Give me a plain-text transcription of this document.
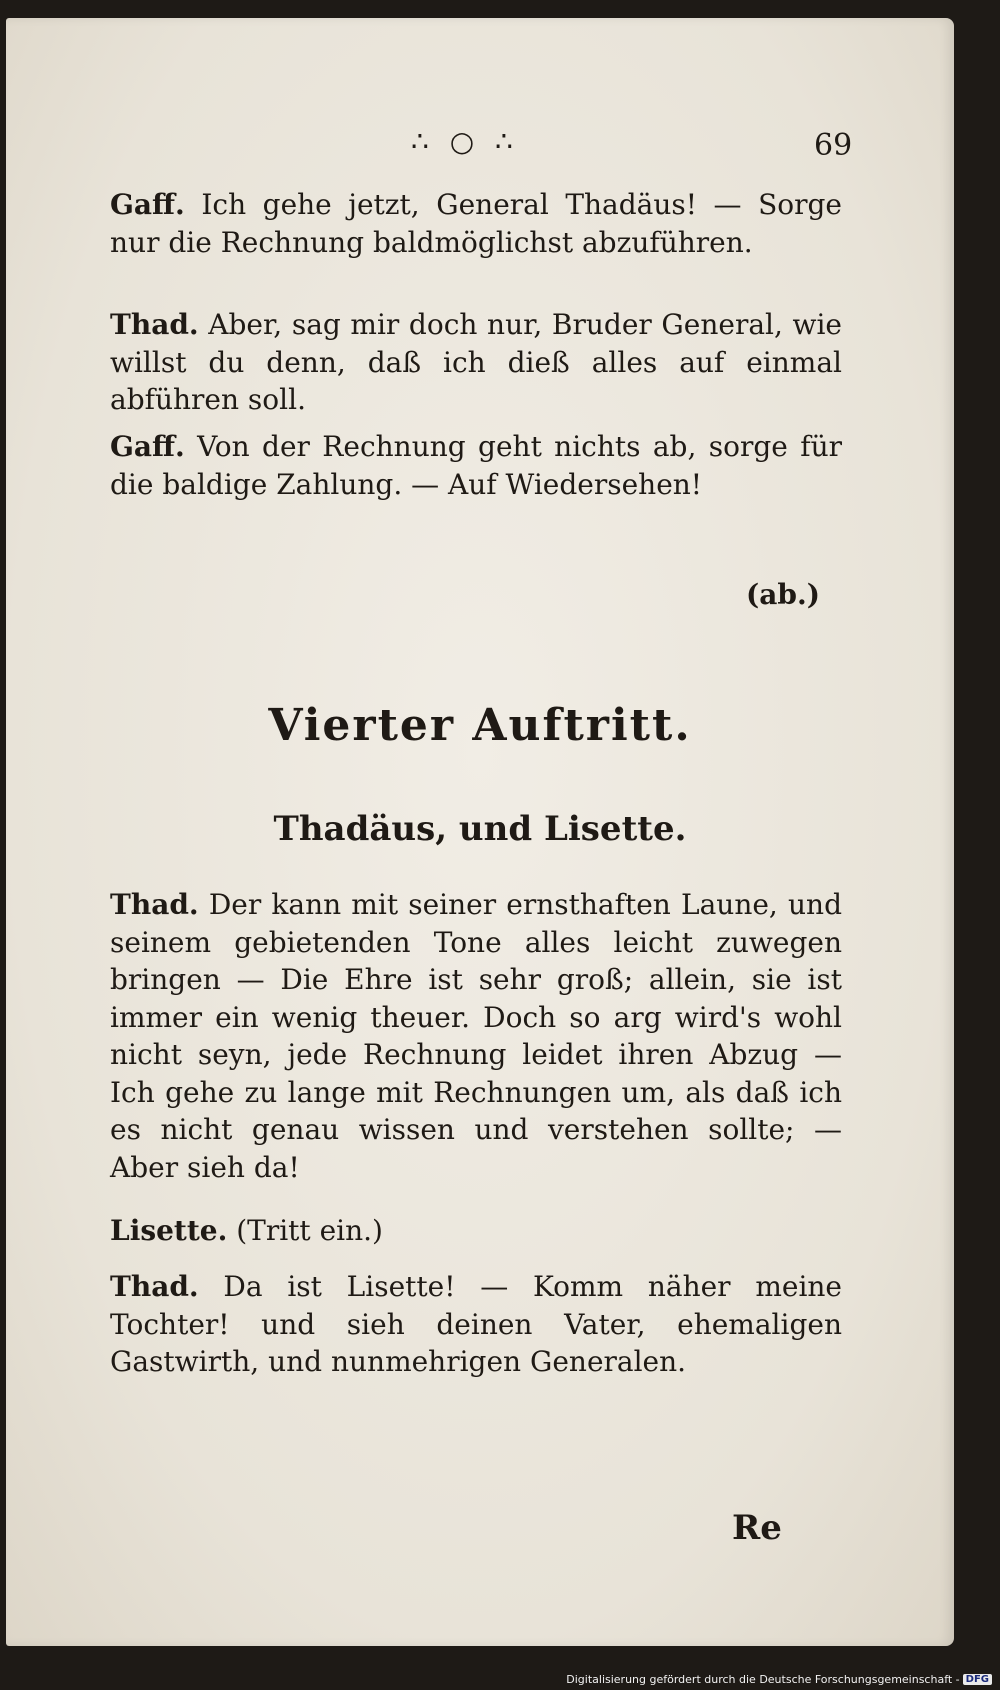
∴ ○ ∴	69
Gaff. Ich gehe jetzt, General Thadäus! — Sorge nur die Rechnung baldmöglichst abzuführen.
Thad. Aber, sag mir doch nur, Bruder General, wie willst du denn, daß ich dieß alles auf einmal abführen soll.
Gaff. Von der Rechnung geht nichts ab, sorge für die baldige Zahlung. — Auf Wiedersehen!
(ab.)
Vierter Auftritt.
Thadäus, und Lisette.
Thad. Der kann mit seiner ernsthaften Laune, und seinem gebietenden Tone alles leicht zuwegen bringen — Die Ehre ist sehr groß; allein, sie ist immer ein wenig theuer. Doch so arg wird's wohl nicht seyn, jede Rechnung leidet ihren Abzug — Ich gehe zu lange mit Rechnungen um, als daß ich es nicht genau wissen und verstehen sollte; — Aber sieh da!
Lisette. (Tritt ein.)
Thad. Da ist Lisette! — Komm näher meine Tochter! und sieh deinen Vater, ehemaligen Gastwirth, und nunmehrigen Generalen.
Re
Digitalisierung gefördert durch die Deutsche Forschungsgemeinschaft - DFG
